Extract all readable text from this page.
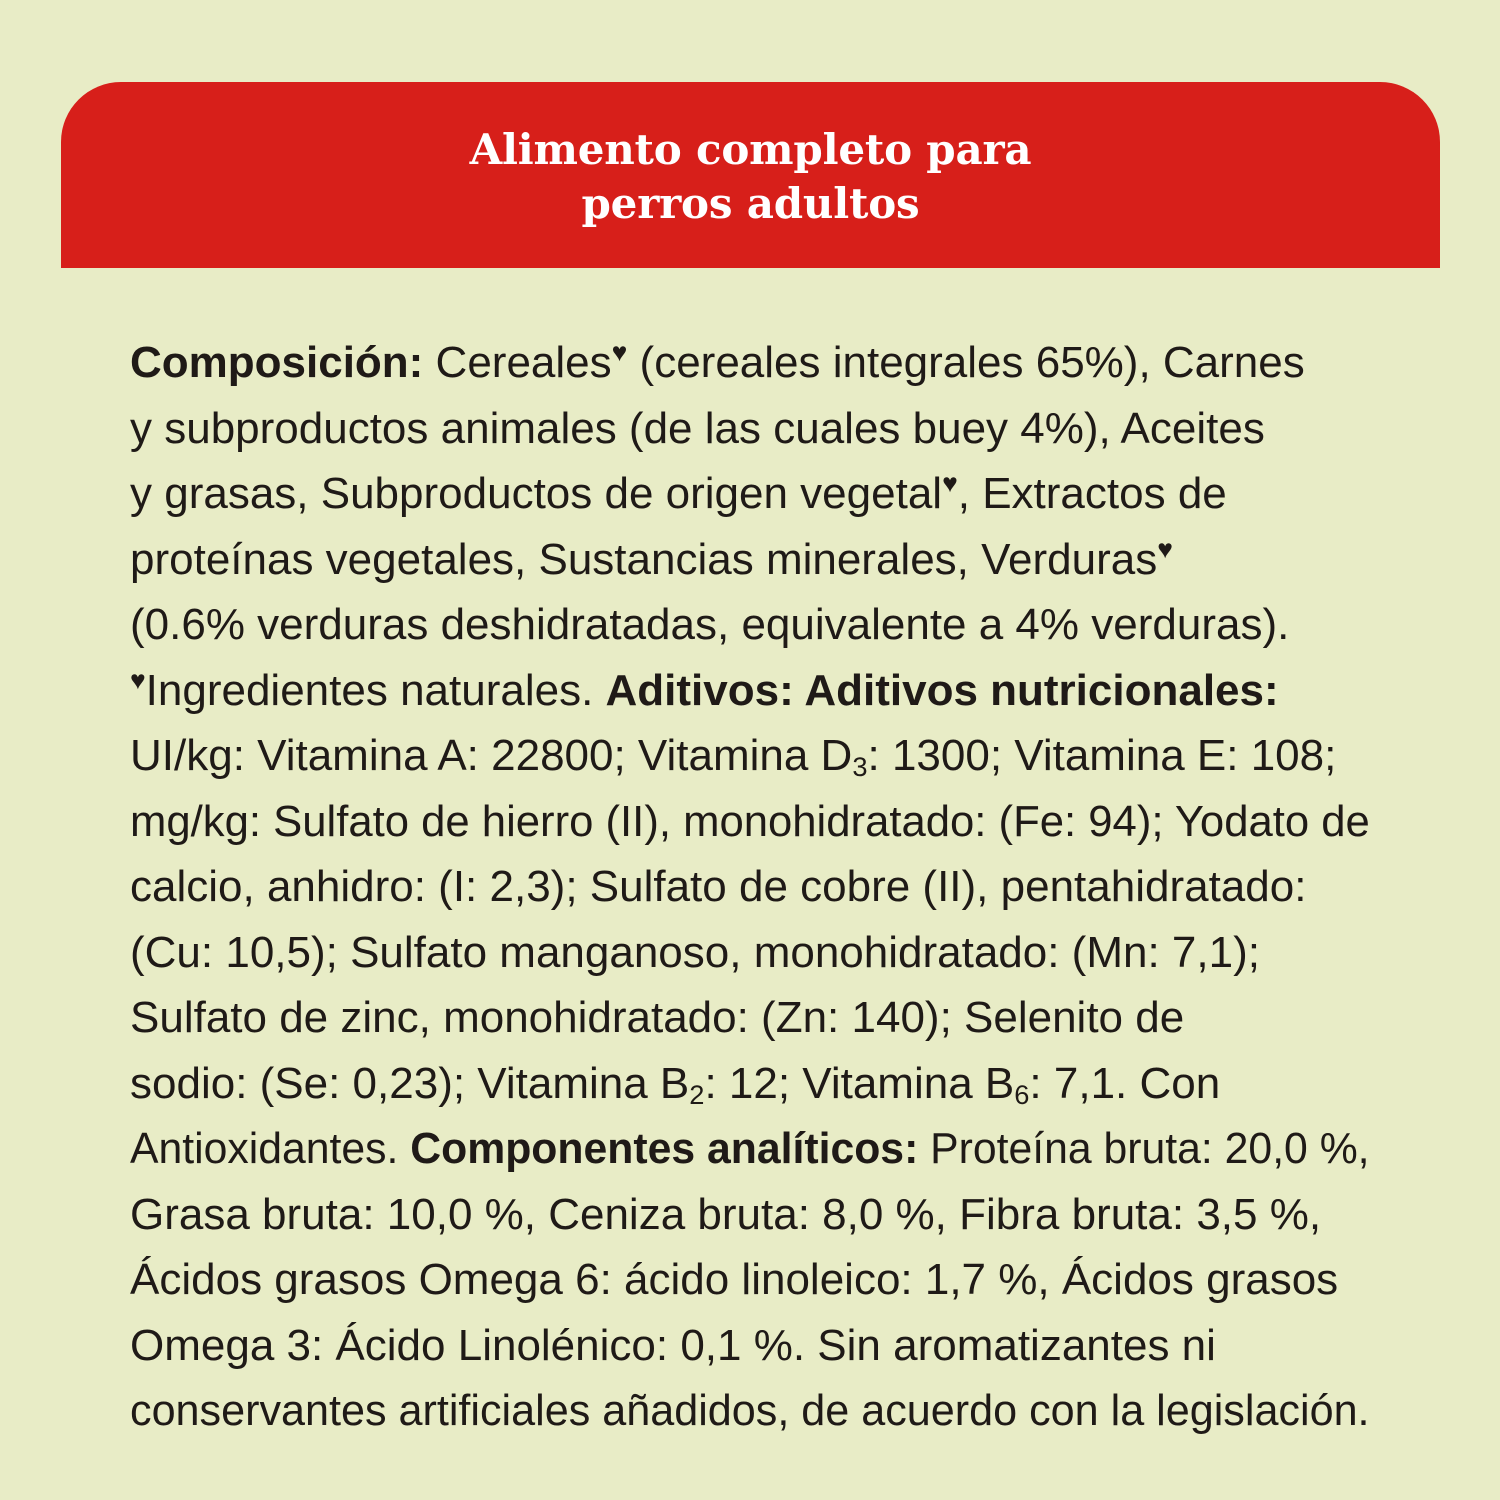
Alimento completo para
perros adultos
Composición: Cereales♥ (cereales integrales 65%), Carnes
y subproductos animales (de las cuales buey 4%), Aceites
y grasas, Subproductos de origen vegetal♥, Extractos de
proteínas vegetales, Sustancias minerales, Verduras♥
(0.6% verduras deshidratadas, equivalente a 4% verduras).
♥Ingredientes naturales. Aditivos: Aditivos nutricionales:
UI/kg: Vitamina A: 22800; Vitamina $D_3$: 1300; Vitamina E: 108;
mg/kg: Sulfato de hierro (II), monohidratado: (Fe: 94); Yodato de
calcio, anhidro: (I: 2,3); Sulfato de cobre (II), pentahidratado:
(Cu: 10,5); Sulfato manganoso, monohidratado: (Mn: 7,1);
Sulfato de zinc, monohidratado: (Zn: 140); Selenito de
sodio: (Se: 0,23); Vitamina $B_2$: 12; Vitamina $B_6$: 7,1. Con
Antioxidantes. Componentes analíticos: Proteína bruta: 20,0 %,
Grasa bruta: 10,0 %, Ceniza bruta: 8,0 %, Fibra bruta: 3,5 %,
Ácidos grasos Omega 6: ácido linoleico: 1,7 %, Ácidos grasos
Omega 3: Ácido Linolénico: 0,1 %. Sin aromatizantes ni
conservantes artificiales añadidos, de acuerdo con la legislación.
